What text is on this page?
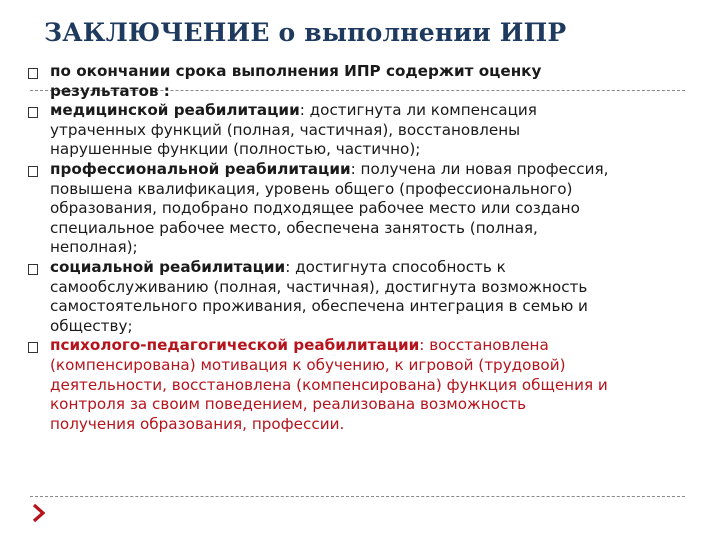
ЗАКЛЮЧЕНИЕ о выполнении ИПР
по окончании срока выполнения ИПР содержит оценку
результатов :
медицинской реабилитации: достигнута ли компенсация
утраченных функций (полная, частичная), восстановлены
нарушенные функции (полностью, частично);
профессиональной реабилитации: получена ли новая профессия,
повышена квалификация, уровень общего (профессионального)
образования, подобрано подходящее рабочее место или создано
специальное рабочее место, обеспечена занятость (полная,
неполная);
социальной реабилитации: достигнута способность к
самообслуживанию (полная, частичная), достигнута возможность
самостоятельного проживания, обеспечена интеграция в семью и
обществу;
психолого-педагогической реабилитации: восстановлена
(компенсирована) мотивация к обучению, к игровой (трудовой)
деятельности, восстановлена (компенсирована) функция общения и
контроля за своим поведением, реализована возможность
получения образования, профессии.
